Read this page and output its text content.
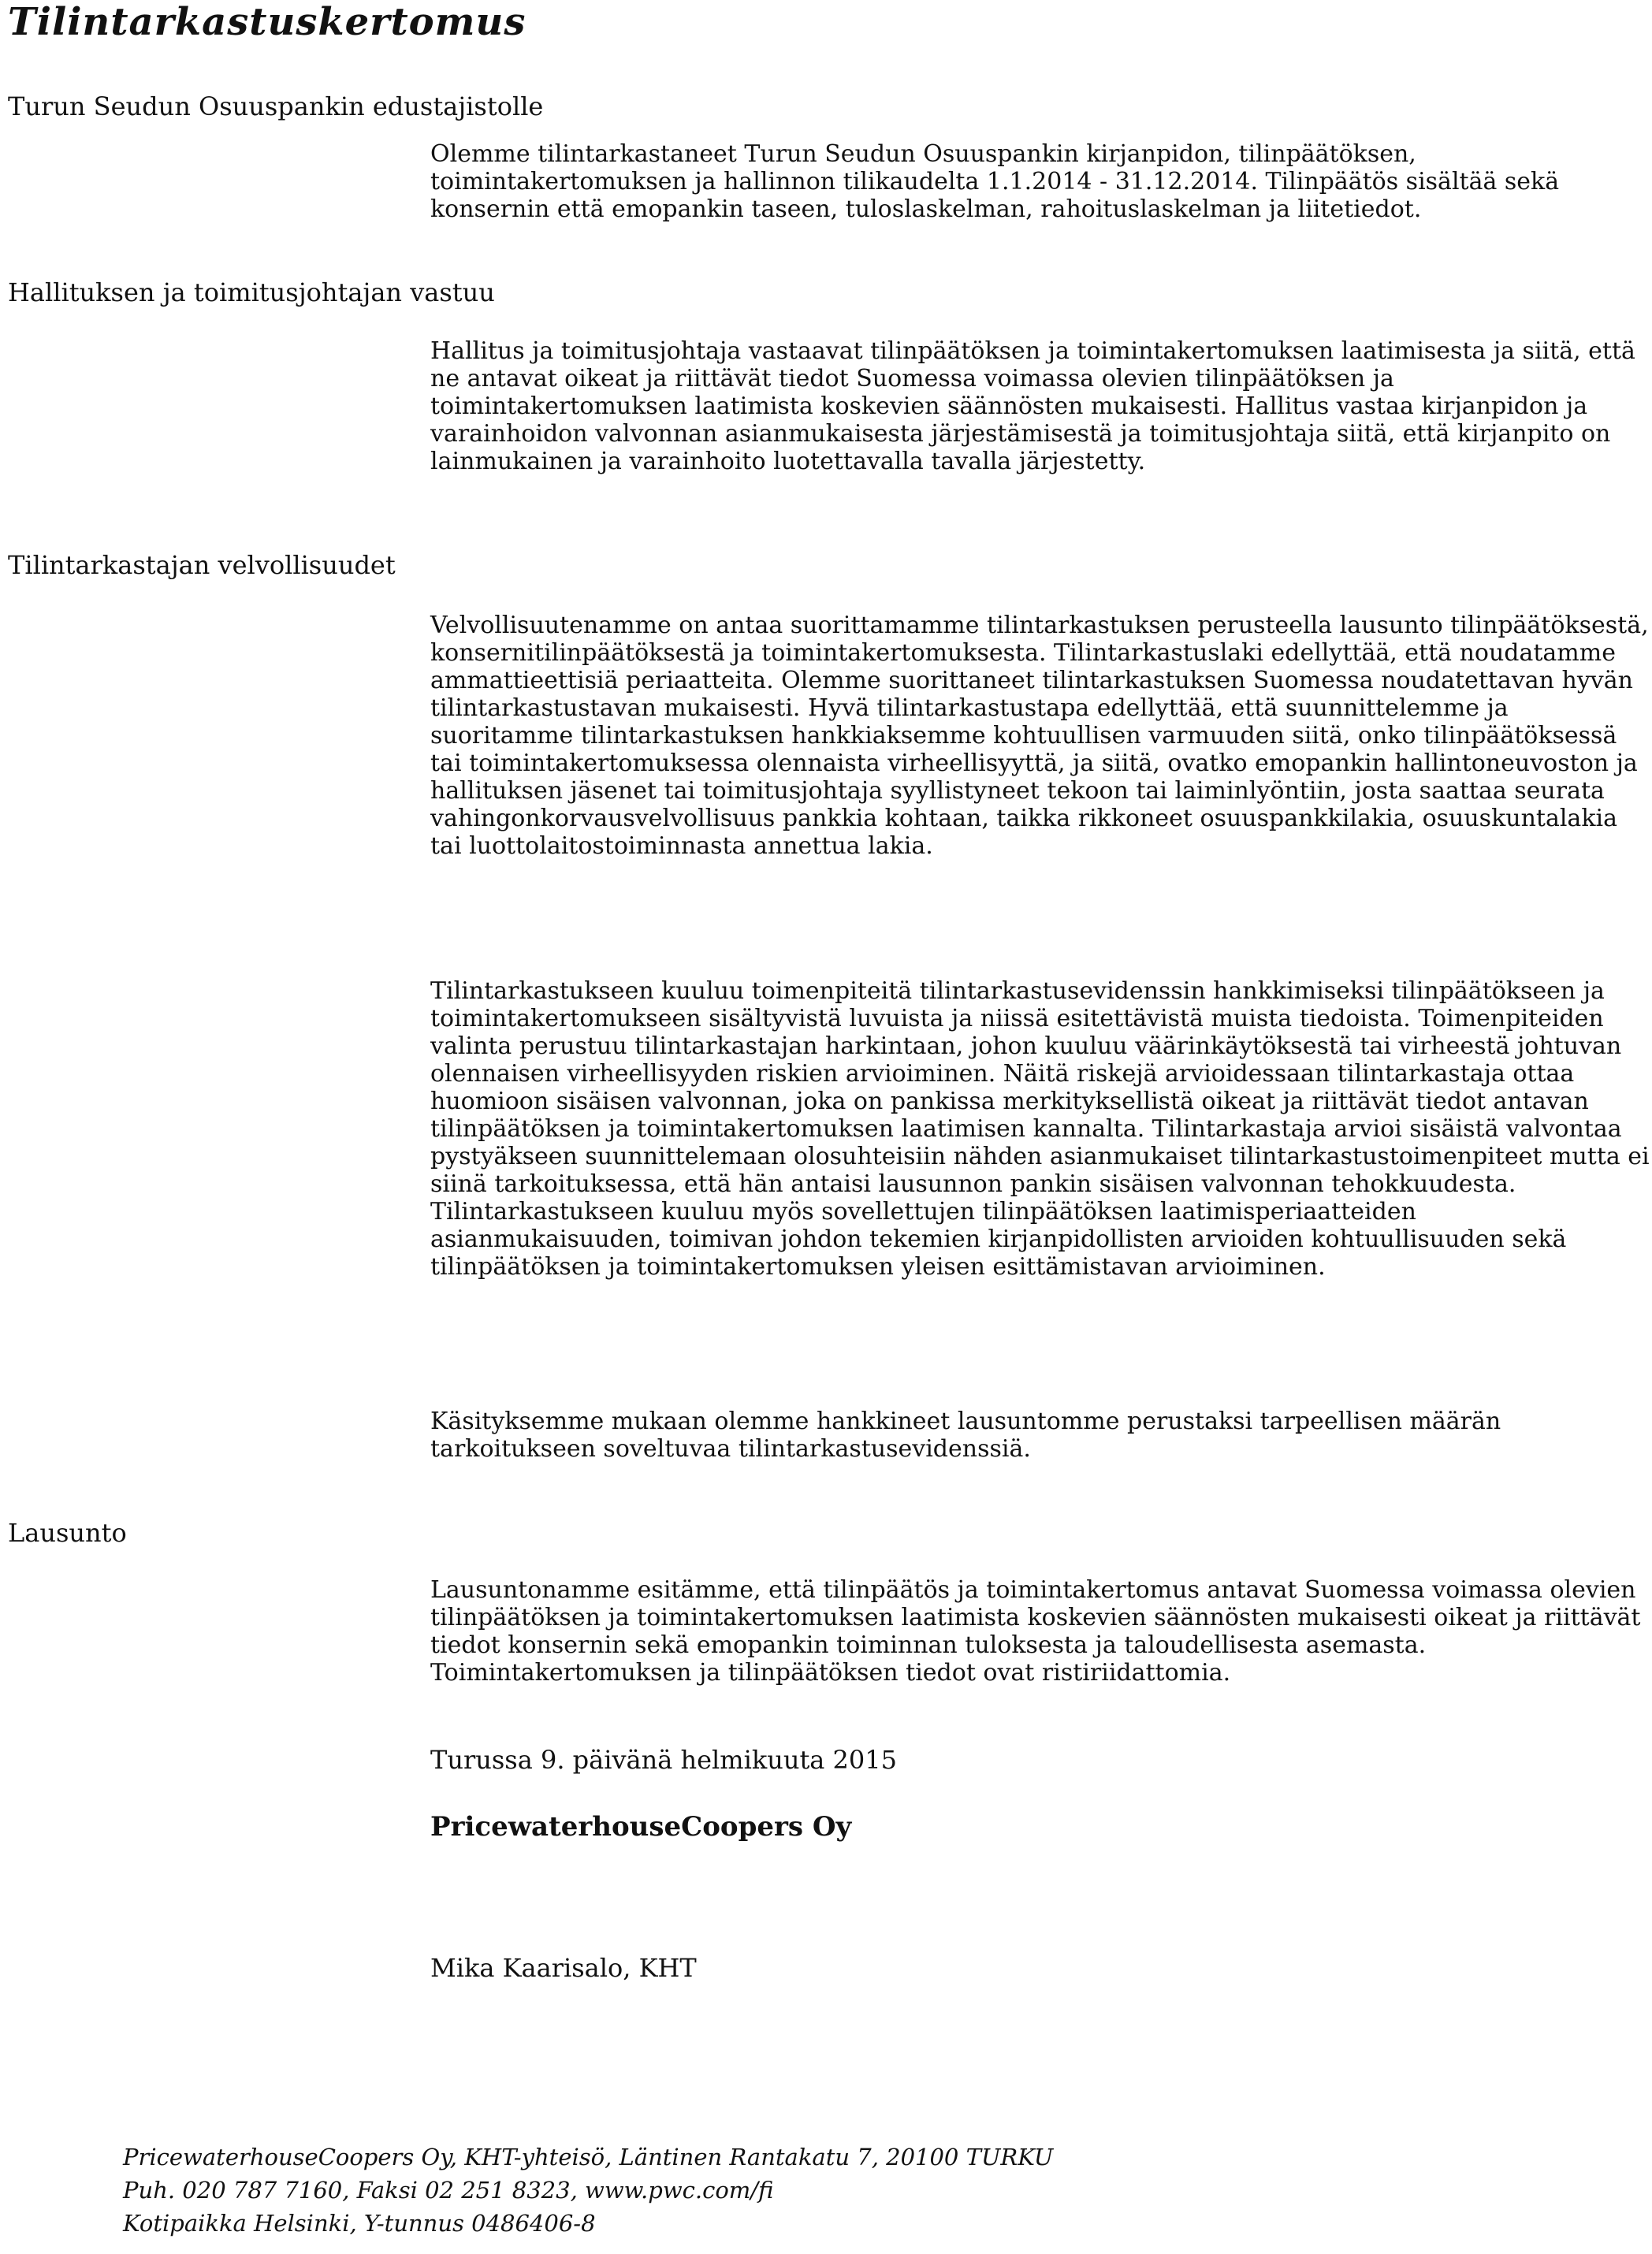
Tilintarkastuskertomus

Turun Seudun Osuuspankin edustajistolle

Olemme tilintarkastaneet Turun Seudun Osuuspankin kirjanpidon, tilinpäätöksen, toimintakertomuksen ja hallinnon tilikaudelta 1.1.2014 - 31.12.2014. Tilinpäätös sisältää sekä konsernin että emopankin taseen, tuloslaskelman, rahoituslaskelman ja liitetiedot.

Hallituksen ja toimitusjohtajan vastuu

Hallitus ja toimitusjohtaja vastaavat tilinpäätöksen ja toimintakertomuksen laatimisesta ja siitä, että ne antavat oikeat ja riittävät tiedot Suomessa voimassa olevien tilinpäätöksen ja toimintakertomuksen laatimista koskevien säännösten mukaisesti. Hallitus vastaa kirjanpidon ja varainhoidon valvonnan asianmukaisesta järjestämisestä ja toimitusjohtaja siitä, että kirjanpito on lainmukainen ja varainhoito luotettavalla tavalla järjestetty.

Tilintarkastajan velvollisuudet

Velvollisuutenamme on antaa suorittamamme tilintarkastuksen perusteella lausunto tilinpäätöksestä, konsernitilinpäätöksestä ja toimintakertomuksesta. Tilintarkastuslaki edellyttää, että noudatamme ammattieettisiä periaatteita. Olemme suorittaneet tilintarkastuksen Suomessa noudatettavan hyvän tilintarkastustavan mukaisesti. Hyvä tilintarkastustapa edellyttää, että suunnittelemme ja suoritamme tilintarkastuksen hankkiaksemme kohtuullisen varmuuden siitä, onko tilinpäätöksessä tai toimintakertomuksessa olennaista virheellisyyttä, ja siitä, ovatko emopankin hallintoneuvoston ja hallituksen jäsenet tai toimitusjohtaja syyllistyneet tekoon tai laiminlyöntiin, josta saattaa seurata vahingonkorvausvelvollisuus pankkia kohtaan, taikka rikkoneet osuuspankkilakia, osuuskuntalakia tai luottolaitostoiminnasta annettua lakia.

Tilintarkastukseen kuuluu toimenpiteitä tilintarkastusevidenssin hankkimiseksi tilinpäätökseen ja toimintakertomukseen sisältyvistä luvuista ja niissä esitettävistä muista tiedoista. Toimenpiteiden valinta perustuu tilintarkastajan harkintaan, johon kuuluu väärinkäytöksestä tai virheestä johtuvan olennaisen virheellisyyden riskien arvioiminen. Näitä riskejä arvioidessaan tilintarkastaja ottaa huomioon sisäisen valvonnan, joka on pankissa merkityksellistä oikeat ja riittävät tiedot antavan tilinpäätöksen ja toimintakertomuksen laatimisen kannalta. Tilintarkastaja arvioi sisäistä valvontaa pystyäkseen suunnittelemaan olosuhteisiin nähden asianmukaiset tilintarkastustoimenpiteet mutta ei siinä tarkoituksessa, että hän antaisi lausunnon pankin sisäisen valvonnan tehokkuudesta. Tilintarkastukseen kuuluu myös sovellettujen tilinpäätöksen laatimisperiaatteiden asianmukaisuuden, toimivan johdon tekemien kirjanpidollisten arvioiden kohtuullisuuden sekä tilinpäätöksen ja toimintakertomuksen yleisen esittämistavan arvioiminen.

Käsityksemme mukaan olemme hankkineet lausuntomme perustaksi tarpeellisen määrän tarkoitukseen soveltuvaa tilintarkastusevidenssiä.

Lausunto

Lausuntonamme esitämme, että tilinpäätös ja toimintakertomus antavat Suomessa voimassa olevien tilinpäätöksen ja toimintakertomuksen laatimista koskevien säännösten mukaisesti oikeat ja riittävät tiedot konsernin sekä emopankin toiminnan tuloksesta ja taloudellisesta asemasta. Toimintakertomuksen ja tilinpäätöksen tiedot ovat ristiriidattomia.

Turussa 9. päivänä helmikuuta 2015

PricewaterhouseCoopers Oy

Mika Kaarisalo, KHT

PricewaterhouseCoopers Oy, KHT-yhteisö, Läntinen Rantakatu 7, 20100 TURKU
Puh. 020 787 7160, Faksi 02 251 8323, www.pwc.com/fi
Kotipaikka Helsinki, Y-tunnus 0486406-8
